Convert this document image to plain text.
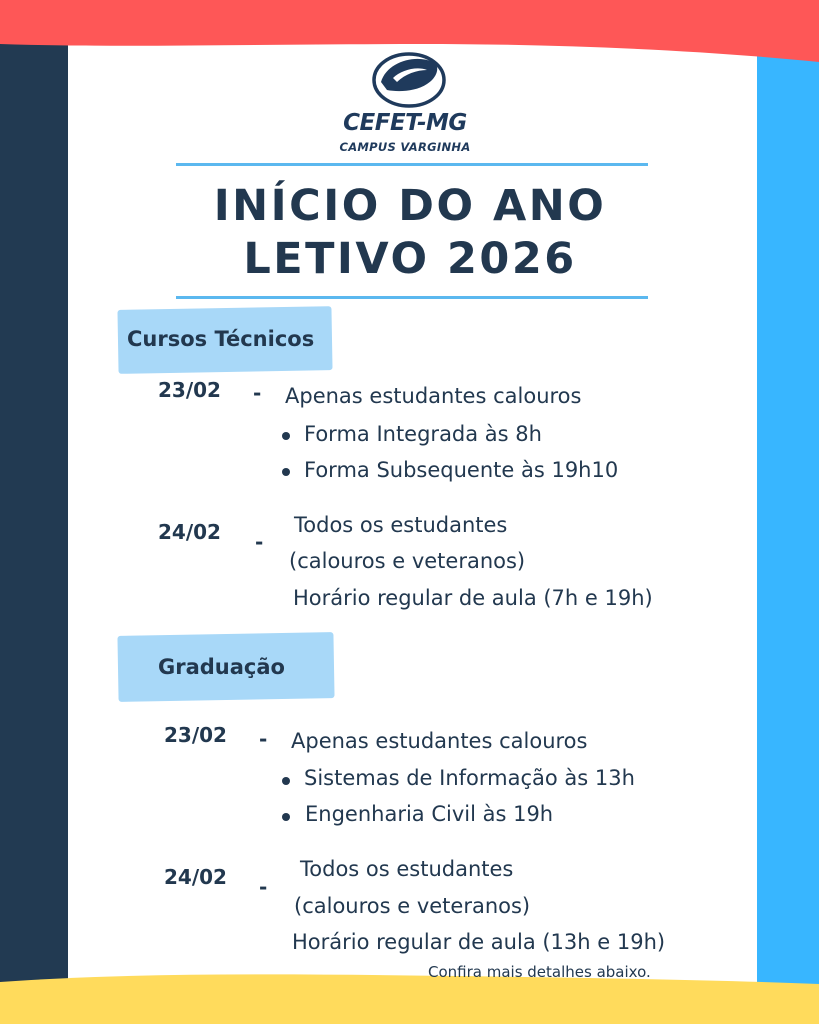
CEFET-MG
CAMPUS VARGINHA
INÍCIO DO ANO
LETIVO 2026
Cursos Técnicos
23/02 - Apenas estudantes calouros
Forma Integrada às 8h
Forma Subsequente às 19h10
24/02 -
Todos os estudantes
(calouros e veteranos)
Horário regular de aula (7h e 19h)
Graduação
23/02 - Apenas estudantes calouros
Sistemas de Informação às 13h
Engenharia Civil às 19h
24/02 -
Todos os estudantes
(calouros e veteranos)
Horário regular de aula (13h e 19h)
Confira mais detalhes abaixo.
